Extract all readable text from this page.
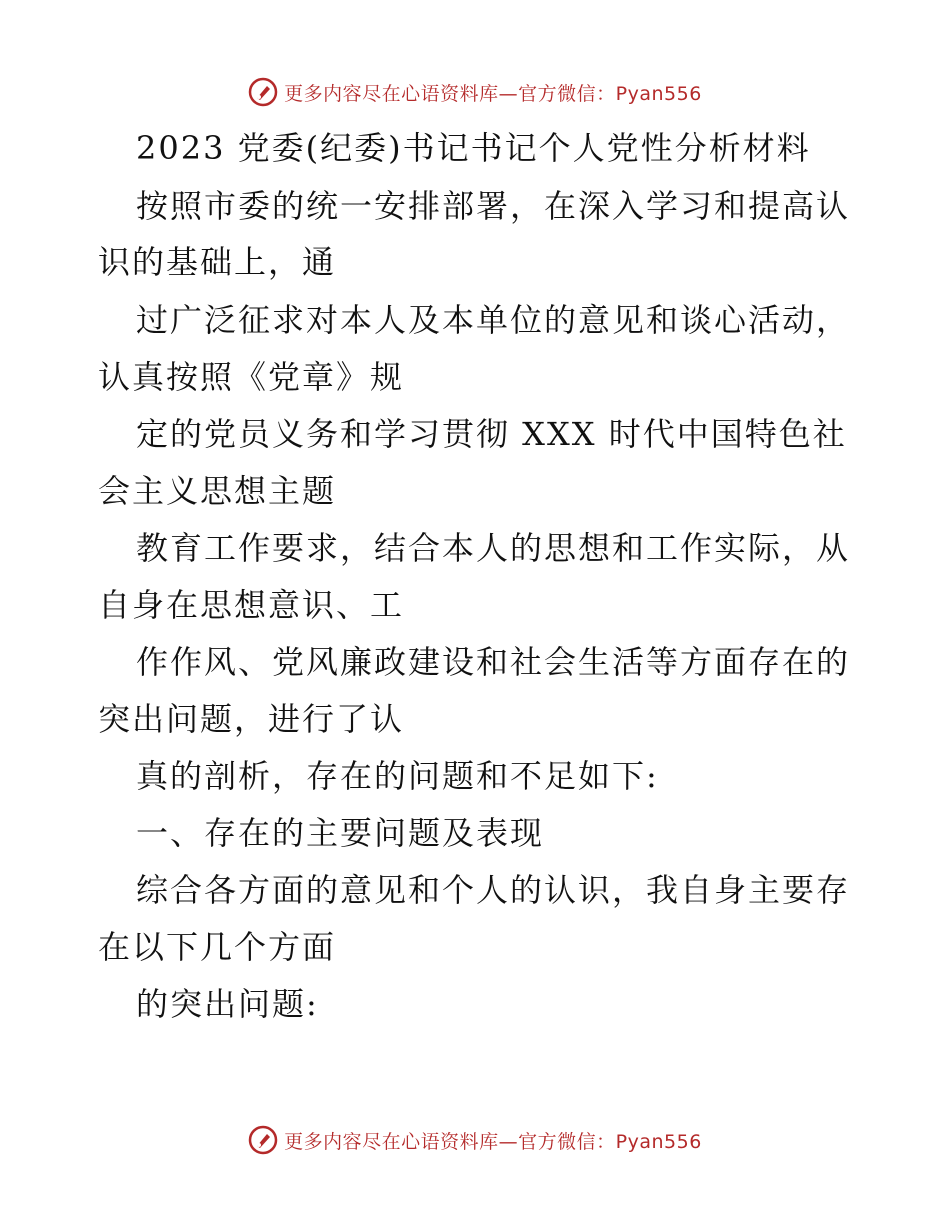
更多内容尽在心语资料库—官方微信：Pyan556
2023 党委(纪委)书记书记个人党性分析材料
按照市委的统一安排部署，在深入学习和提高认
识的基础上，通
过广泛征求对本人及本单位的意见和谈心活动，
认真按照《党章》规
定的党员义务和学习贯彻 XXX 时代中国特色社
会主义思想主题
教育工作要求，结合本人的思想和工作实际，从
自身在思想意识、工
作作风、党风廉政建设和社会生活等方面存在的
突出问题，进行了认
真的剖析，存在的问题和不足如下:
一、存在的主要问题及表现
综合各方面的意见和个人的认识，我自身主要存
在以下几个方面
的突出问题:
更多内容尽在心语资料库—官方微信：Pyan556
